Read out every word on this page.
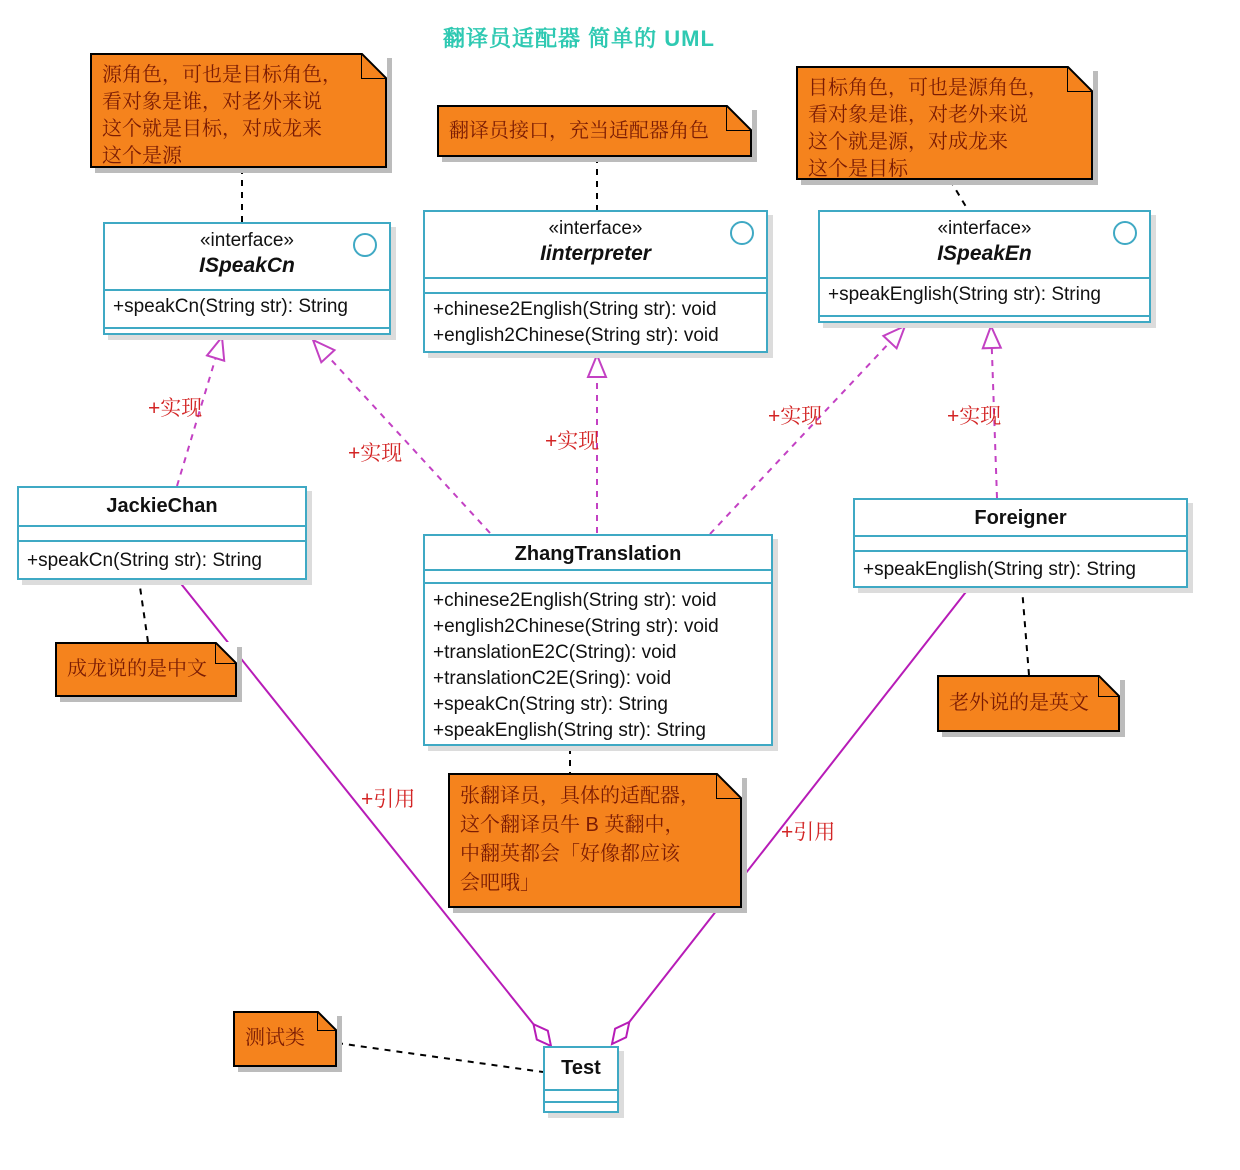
翻译员适配器 简单的 UML
源角色，可也是目标角色，
看对象是谁，对老外来说
这个就是目标，对成龙来
这个是源
翻译员接口，充当适配器角色
目标角色，可也是源角色，
看对象是谁，对老外来说
这个就是源，对成龙来
这个是目标
成龙说的是中文
老外说的是英文
张翻译员，具体的适配器，
这个翻译员牛 B 英翻中，
中翻英都会「好像都应该
会吧哦」
测试类
«interface»
ISpeakCn
+speakCn(String str): String
«interface»
Iinterpreter
+chinese2English(String str): void
+english2Chinese(String str): void
«interface»
ISpeakEn
+speakEnglish(String str): String
JackieChan
+speakCn(String str): String	ZhangTranslation
+chinese2English(String str): void
+english2Chinese(String str): void
+translationE2C(String): void
+translationC2E(Sring): void
+speakCn(String str): String
+speakEnglish(String str): String
Foreigner
+speakEnglish(String str): String
Test
+实现
+实现
+实现
+实现	+实现
+引用
+引用
